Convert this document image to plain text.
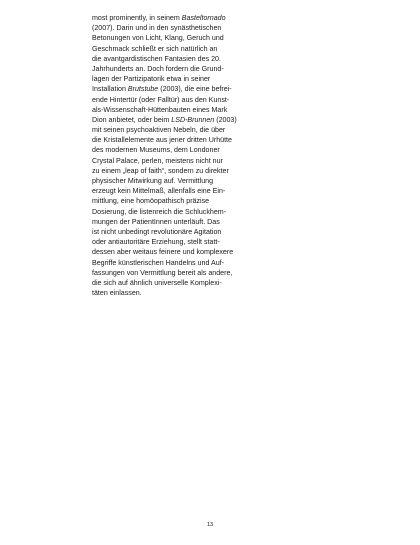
most prominently, in seinem Basteltornado
(2007). Darin und in den synästhetischen
Betonungen von Licht, Klang, Geruch und
Geschmack schließt er sich natürlich an
die avantgardistischen Fantasien des 20.
Jahrhunderts an. Doch fordern die Grund-
lagen der Partizipatorik etwa in seiner
Installation Brutstube (2003), die eine befrei-
ende Hintertür (oder Falltür) aus den Kunst-
als-Wissenschaft-Hüttenbauten eines Mark
Dion anbietet, oder beim LSD-Brunnen (2003)
mit seinen psychoaktiven Nebeln, die über
die Kristallelemente aus jener dritten Urhütte
des modernen Museums, dem Londoner
Crystal Palace, perlen, meistens nicht nur
zu einem „leap of faith“, sondern zu direkter
physischer Mitwirkung auf. Vermittlung
erzeugt kein Mittelmaß, allenfalls eine Ein-
mittlung, eine homöopathisch präzise
Dosierung, die listenreich die Schluckhem-
mungen der PatientInnen unterläuft. Das
ist nicht unbedingt revolutionäre Agitation
oder antiautoritäre Erziehung, stellt statt-
dessen aber weitaus feinere und komplexere
Begriffe künstlerischen Handelns und Auf-
fassungen von Vermittlung bereit als andere,
die sich auf ähnlich universelle Komplexi-
täten einlassen.

13
